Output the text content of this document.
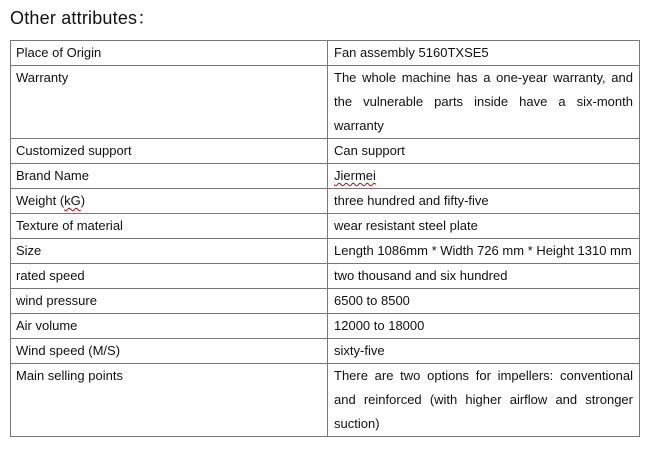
Other attributes：
Place of Origin	Fan assembly 5160TXSE5
Warranty	The whole machine has a one-year warranty, and the vulnerable parts inside have a six-month warranty
Customized support	Can support
Brand Name	Jiermei
Weight (kG)	three hundred and fifty-five
Texture of material	wear resistant steel plate
Size	Length 1086mm * Width 726 mm * Height 1310 mm
rated speed	two thousand and six hundred
wind pressure	6500 to 8500
Air volume	12000 to 18000
Wind speed (M/S)	sixty-five
Main selling points	There are two options for impellers: conventional and reinforced (with higher airflow and stronger suction)
